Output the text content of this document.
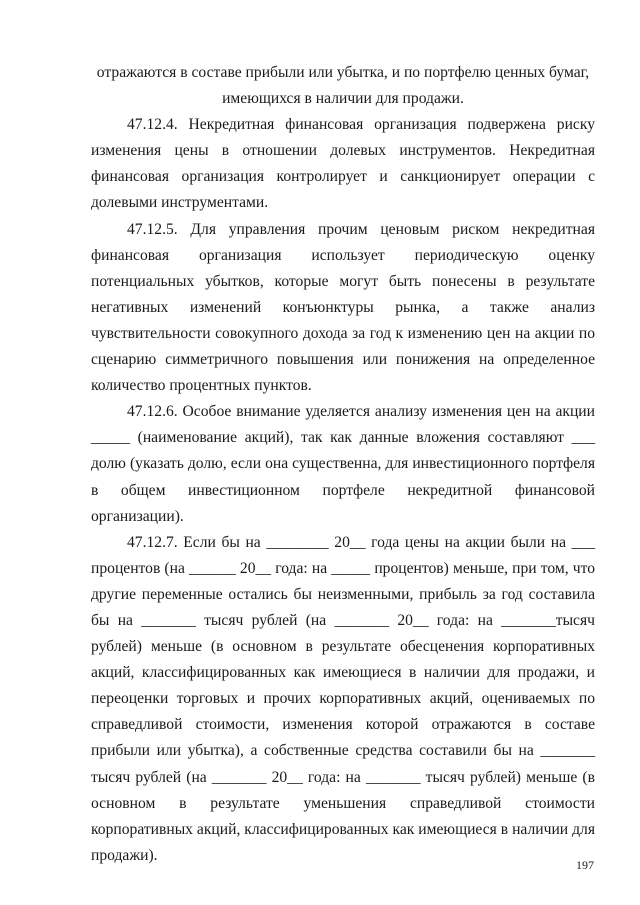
отражаются в составе прибыли или убытка, и по портфелю ценных бумаг, имеющихся в наличии для продажи.

47.12.4. Некредитная финансовая организация подвержена риску изменения цены в отношении долевых инструментов. Некредитная финансовая организация контролирует и санкционирует операции с долевыми инструментами.

47.12.5. Для управления прочим ценовым риском некредитная финансовая организация использует периодическую оценку потенциальных убытков, которые могут быть понесены в результате негативных изменений конъюнктуры рынка, а также анализ чувствительности совокупного дохода за год к изменению цен на акции по сценарию симметричного повышения или понижения на определенное количество процентных пунктов.

47.12.6. Особое внимание уделяется анализу изменения цен на акции _____ (наименование акций), так как данные вложения составляют ___ долю (указать долю, если она существенна, для инвестиционного портфеля в общем инвестиционном портфеле некредитной финансовой организации).

47.12.7. Если бы на ________ 20__ года цены на акции были на ___ процентов (на ______ 20__ года: на _____ процентов) меньше, при том, что другие переменные остались бы неизменными, прибыль за год составила бы на _______ тысяч рублей (на _______ 20__ года: на _______тысяч рублей) меньше (в основном в результате обесценения корпоративных акций, классифицированных как имеющиеся в наличии для продажи, и переоценки торговых и прочих корпоративных акций, оцениваемых по справедливой стоимости, изменения которой отражаются в составе прибыли или убытка), а собственные средства составили бы на _______ тысяч рублей (на _______ 20__ года: на _______ тысяч рублей) меньше (в основном в результате уменьшения справедливой стоимости корпоративных акций, классифицированных как имеющиеся в наличии для продажи).

197
